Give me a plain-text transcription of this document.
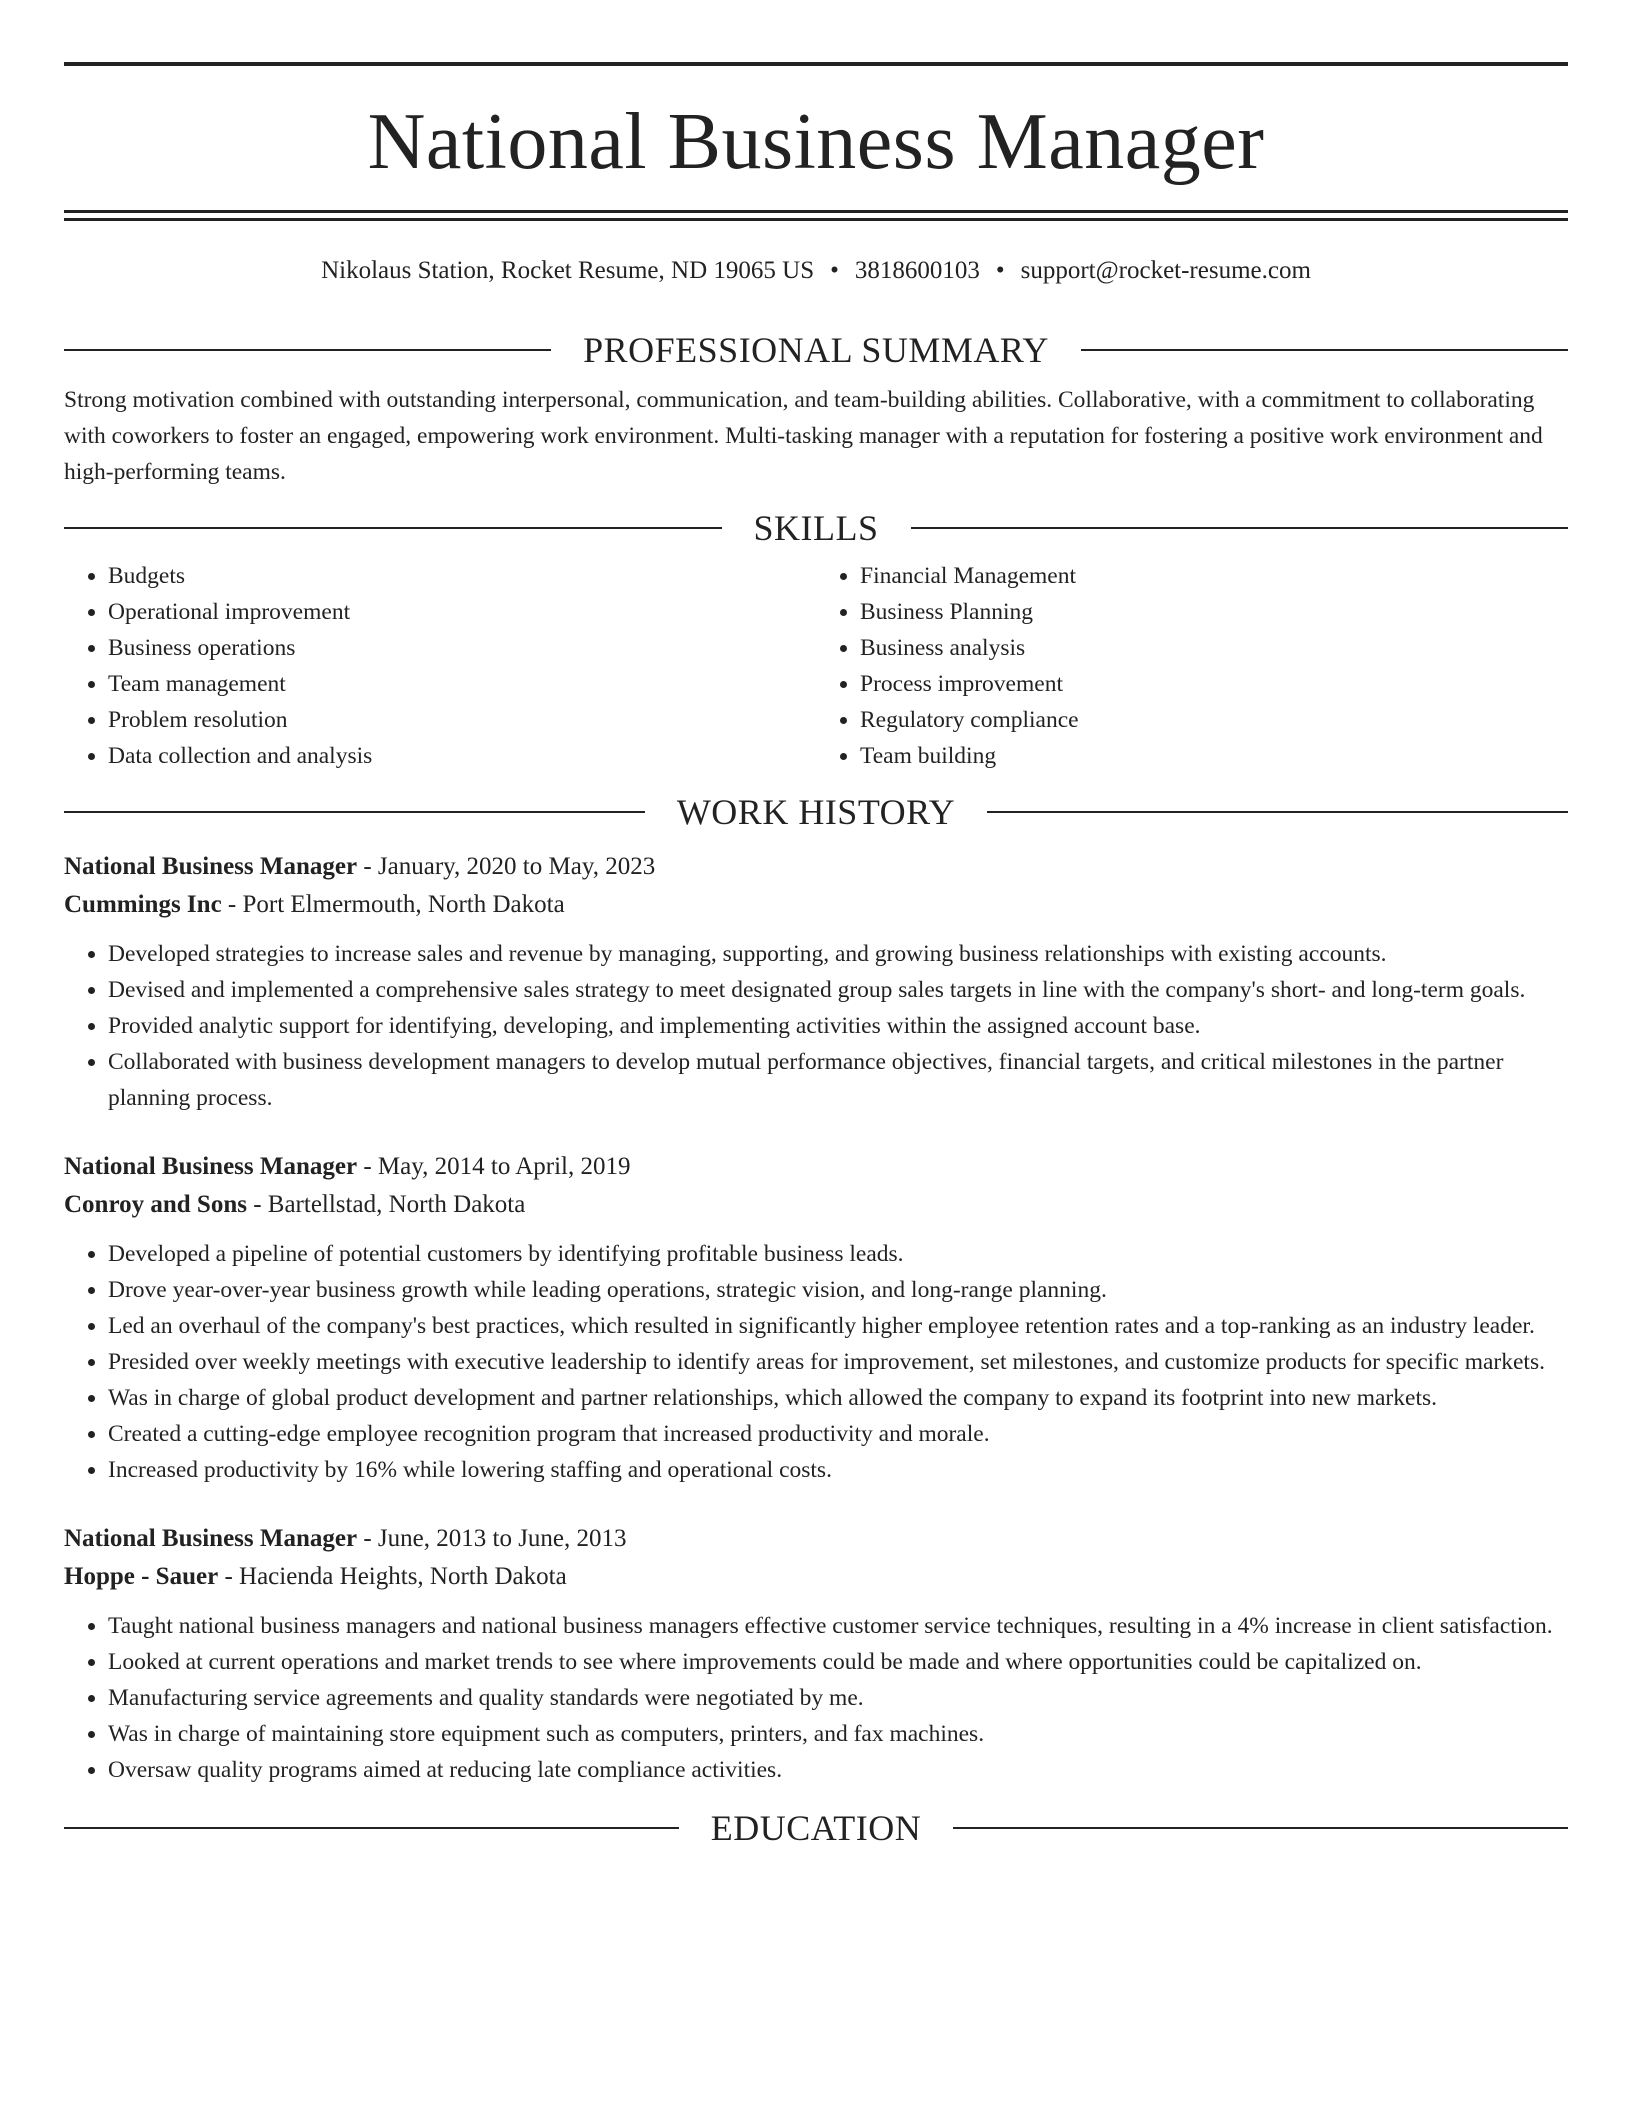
National Business Manager
Nikolaus Station, Rocket Resume, ND 19065 US • 3818600103 • support@rocket-resume.com
PROFESSIONAL SUMMARY

Strong motivation combined with outstanding interpersonal, communication, and team-building abilities. Collaborative, with a commitment to collaborating with coworkers to foster an engaged, empowering work environment. Multi-tasking manager with a reputation for fostering a positive work environment and high-performing teams.

SKILLS
• Budgets
• Operational improvement
• Business operations
• Team management
• Problem resolution
• Data collection and analysis
• Financial Management
• Business Planning
• Business analysis
• Process improvement
• Regulatory compliance
• Team building
WORK HISTORY
National Business Manager - January, 2020 to May, 2023
Cummings Inc - Port Elmermouth, North Dakota
• Developed strategies to increase sales and revenue by managing, supporting, and growing business relationships with existing accounts.
• Devised and implemented a comprehensive sales strategy to meet designated group sales targets in line with the company's short- and long-term goals.
• Provided analytic support for identifying, developing, and implementing activities within the assigned account base.
• Collaborated with business development managers to develop mutual performance objectives, financial targets, and critical milestones in the partner planning process.
National Business Manager - May, 2014 to April, 2019
Conroy and Sons - Bartellstad, North Dakota
• Developed a pipeline of potential customers by identifying profitable business leads.
• Drove year-over-year business growth while leading operations, strategic vision, and long-range planning.
• Led an overhaul of the company's best practices, which resulted in significantly higher employee retention rates and a top-ranking as an industry leader.
• Presided over weekly meetings with executive leadership to identify areas for improvement, set milestones, and customize products for specific markets.
• Was in charge of global product development and partner relationships, which allowed the company to expand its footprint into new markets.
• Created a cutting-edge employee recognition program that increased productivity and morale.
• Increased productivity by 16% while lowering staffing and operational costs.
National Business Manager - June, 2013 to June, 2013
Hoppe - Sauer - Hacienda Heights, North Dakota
• Taught national business managers and national business managers effective customer service techniques, resulting in a 4% increase in client satisfaction.
• Looked at current operations and market trends to see where improvements could be made and where opportunities could be capitalized on.
• Manufacturing service agreements and quality standards were negotiated by me.
• Was in charge of maintaining store equipment such as computers, printers, and fax machines.
• Oversaw quality programs aimed at reducing late compliance activities.
EDUCATION
